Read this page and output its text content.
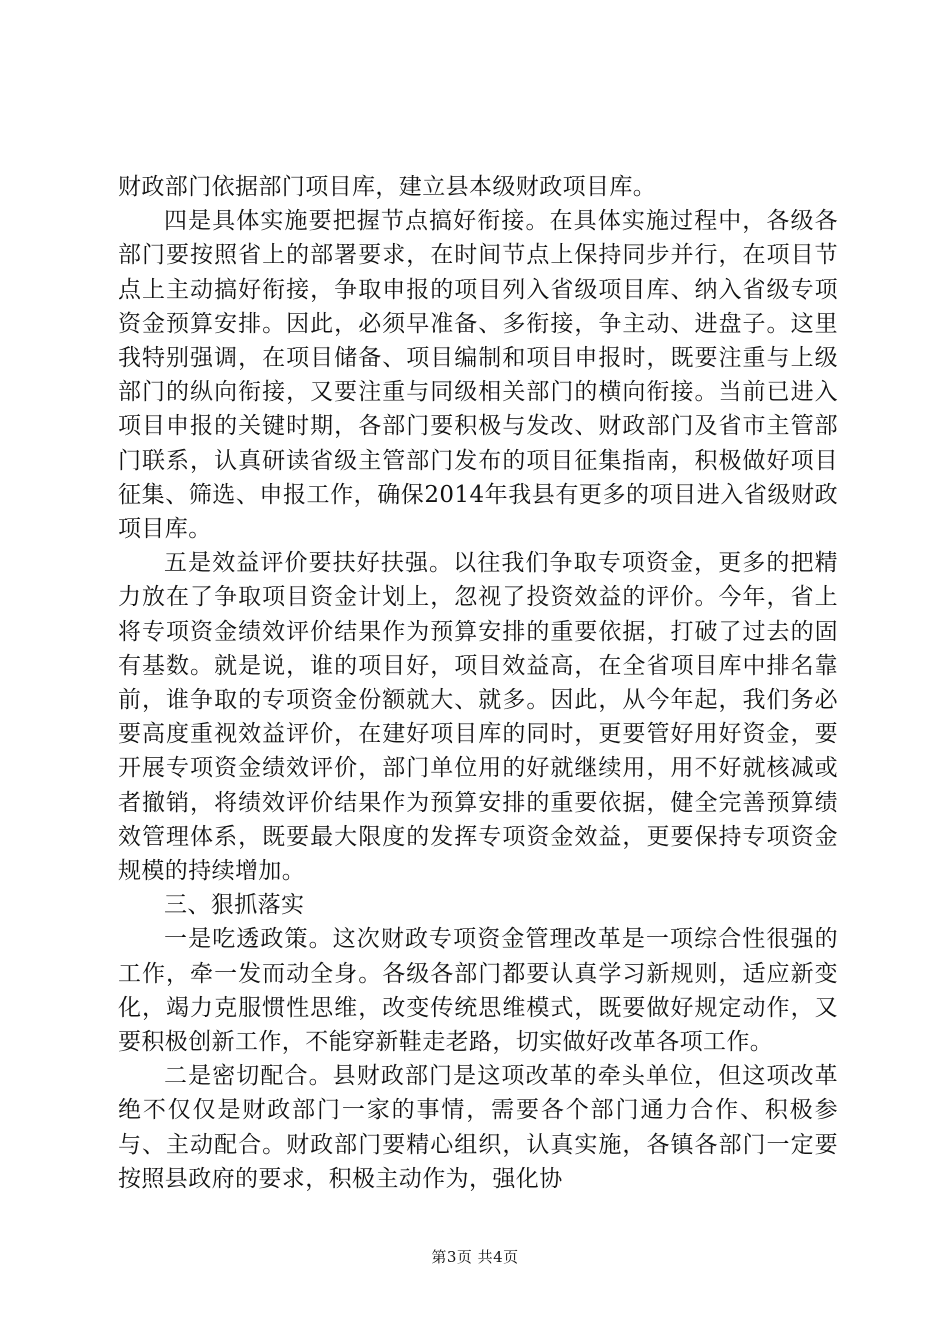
财政部门依据部门项目库，建立县本级财政项目库。

四是具体实施要把握节点搞好衔接。在具体实施过程中，各级各部门要按照省上的部署要求，在时间节点上保持同步并行，在项目节点上主动搞好衔接，争取申报的项目列入省级项目库、纳入省级专项资金预算安排。因此，必须早准备、多衔接，争主动、进盘子。这里我特别强调，在项目储备、项目编制和项目申报时，既要注重与上级部门的纵向衔接，又要注重与同级相关部门的横向衔接。当前已进入项目申报的关键时期，各部门要积极与发改、财政部门及省市主管部门联系，认真研读省级主管部门发布的项目征集指南，积极做好项目征集、筛选、申报工作，确保2014年我县有更多的项目进入省级财政项目库。

五是效益评价要扶好扶强。以往我们争取专项资金，更多的把精力放在了争取项目资金计划上，忽视了投资效益的评价。今年，省上将专项资金绩效评价结果作为预算安排的重要依据，打破了过去的固有基数。就是说，谁的项目好，项目效益高，在全省项目库中排名靠前，谁争取的专项资金份额就大、就多。因此，从今年起，我们务必要高度重视效益评价，在建好项目库的同时，更要管好用好资金，要开展专项资金绩效评价，部门单位用的好就继续用，用不好就核减或者撤销，将绩效评价结果作为预算安排的重要依据，健全完善预算绩效管理体系，既要最大限度的发挥专项资金效益，更要保持专项资金规模的持续增加。

三、狠抓落实

一是吃透政策。这次财政专项资金管理改革是一项综合性很强的工作，牵一发而动全身。各级各部门都要认真学习新规则，适应新变化，竭力克服惯性思维，改变传统思维模式，既要做好规定动作，又要积极创新工作，不能穿新鞋走老路，切实做好改革各项工作。

二是密切配合。县财政部门是这项改革的牵头单位，但这项改革绝不仅仅是财政部门一家的事情，需要各个部门通力合作、积极参与、主动配合。财政部门要精心组织，认真实施，各镇各部门一定要按照县政府的要求，积极主动作为，强化协

第3页 共4页
